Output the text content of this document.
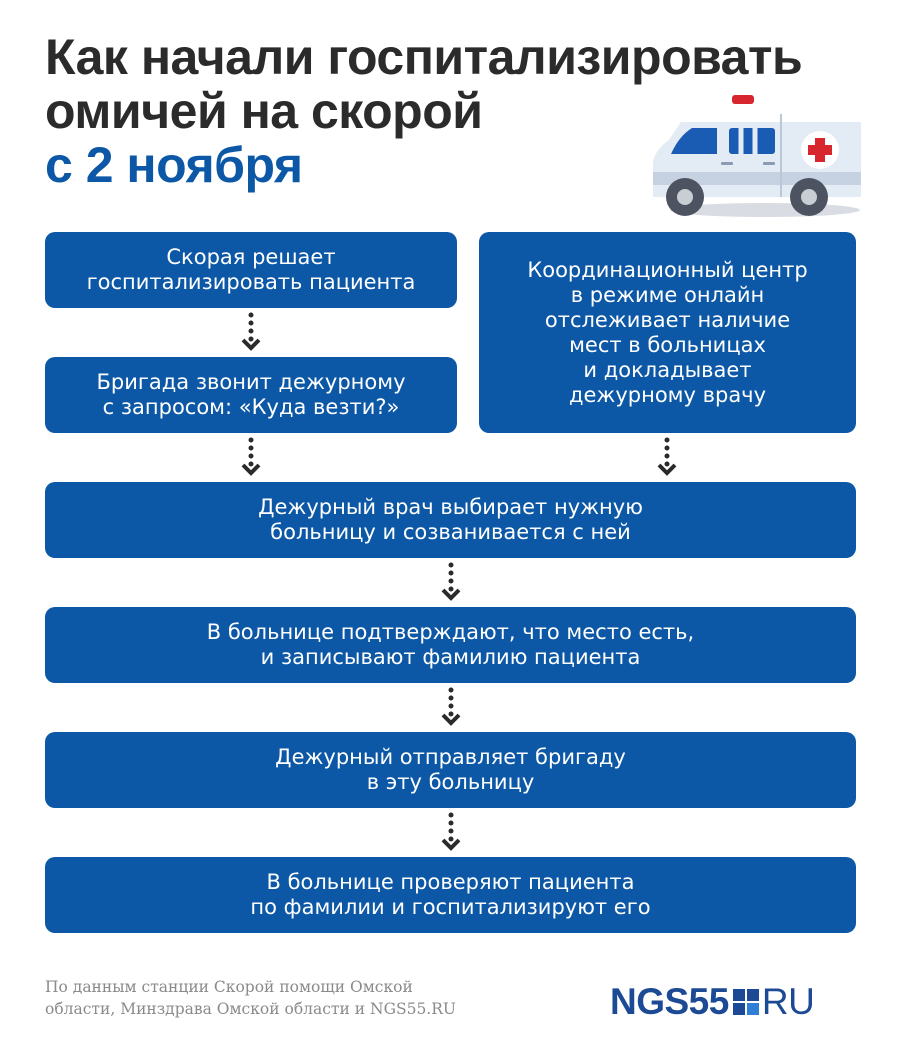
Как начали госпитализировать
омичей на скорой
с 2 ноября
Скорая решает
госпитализировать пациента
Координационный центр
в режиме онлайн
отслеживает наличие
мест в больницах
и докладывает
дежурному врачу
Бригада звонит дежурному
с запросом: «Куда везти?»
Дежурный врач выбирает нужную
больницу и созванивается с ней
В больнице подтверждают, что место есть,
и записывают фамилию пациента
Дежурный отправляет бригаду
в эту больницу
В больнице проверяют пациента
по фамилии и госпитализируют его

По данным станции Скорой помощи Омской
области, Минздрава Омской области и NGS55.RU	NGS55 RU
